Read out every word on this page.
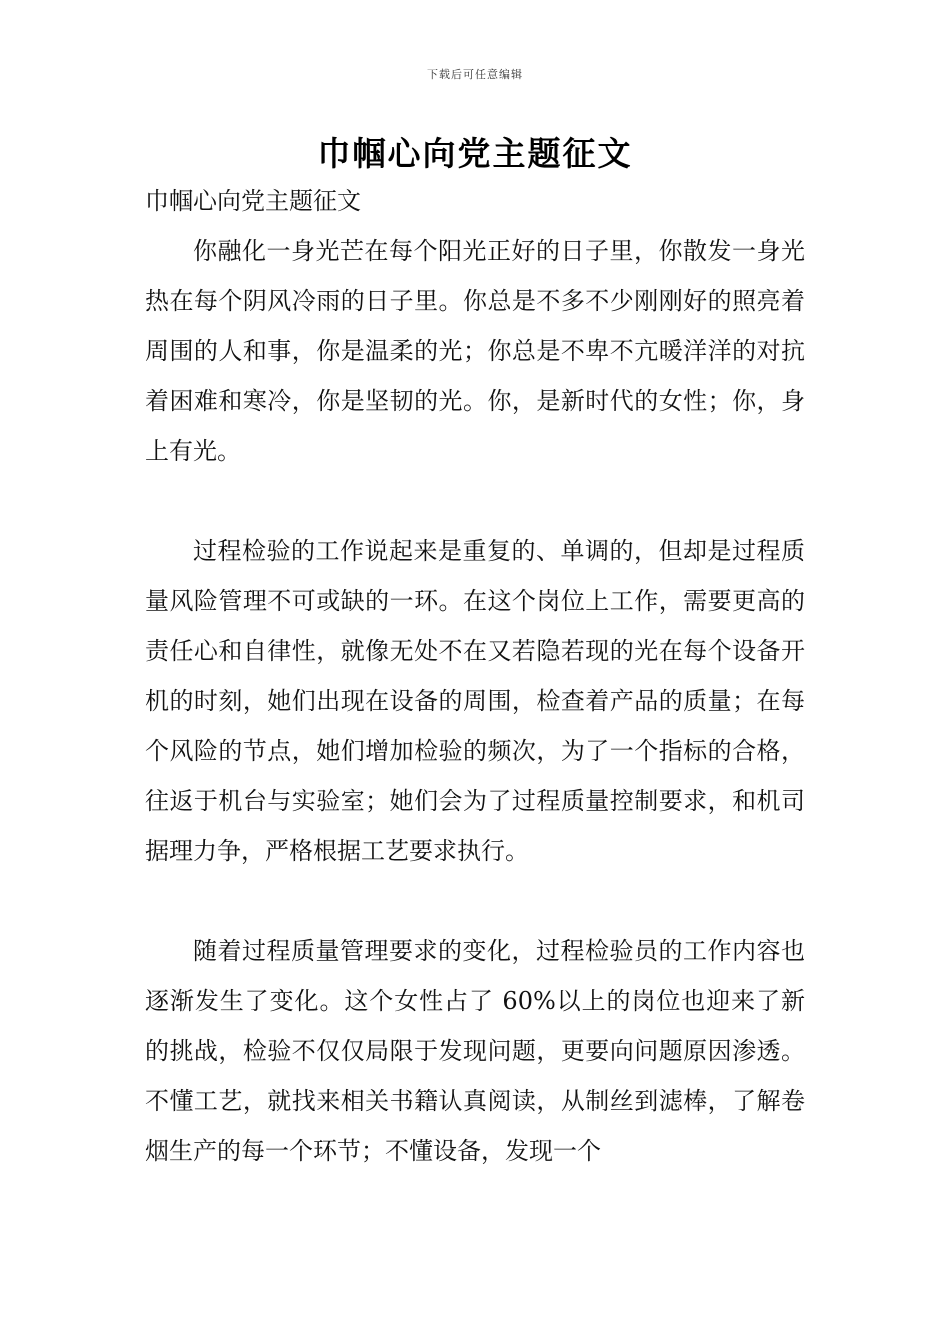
下载后可任意编辑
巾帼心向党主题征文

巾帼心向党主题征文

你融化一身光芒在每个阳光正好的日子里，你散发一身光热在每个阴风冷雨的日子里。你总是不多不少刚刚好的照亮着周围的人和事，你是温柔的光；你总是不卑不亢暖洋洋的对抗着困难和寒冷，你是坚韧的光。你，是新时代的女性；你，身上有光。

过程检验的工作说起来是重复的、单调的，但却是过程质量风险管理不可或缺的一环。在这个岗位上工作，需要更高的责任心和自律性，就像无处不在又若隐若现的光在每个设备开机的时刻，她们出现在设备的周围，检查着产品的质量；在每个风险的节点，她们增加检验的频次，为了一个指标的合格，往返于机台与实验室；她们会为了过程质量控制要求，和机司据理力争，严格根据工艺要求执行。

随着过程质量管理要求的变化，过程检验员的工作内容也逐渐发生了变化。这个女性占了 60%以上的岗位也迎来了新的挑战，检验不仅仅局限于发现问题，更要向问题原因渗透。不懂工艺，就找来相关书籍认真阅读，从制丝到滤棒，了解卷烟生产的每一个环节；不懂设备，发现一个
